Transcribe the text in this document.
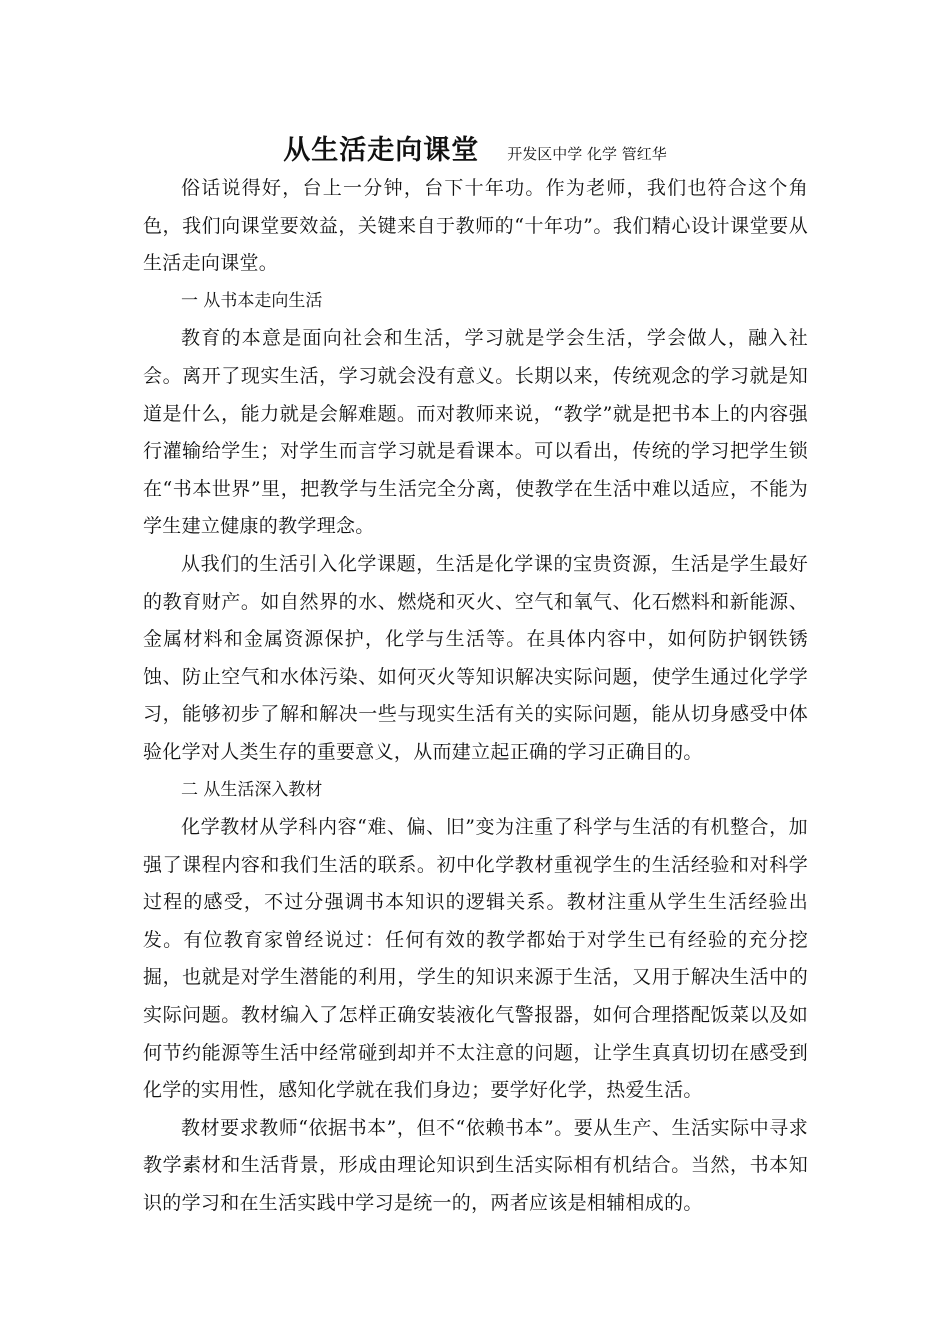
从生活走向课堂 开发区中学 化学 管红华

俗话说得好，台上一分钟，台下十年功。作为老师，我们也符合这个角色，我们向课堂要效益，关键来自于教师的“十年功”。我们精心设计课堂要从生活走向课堂。

一 从书本走向生活

教育的本意是面向社会和生活，学习就是学会生活，学会做人，融入社会。离开了现实生活，学习就会没有意义。长期以来，传统观念的学习就是知道是什么，能力就是会解难题。而对教师来说，“教学”就是把书本上的内容强行灌输给学生；对学生而言学习就是看课本。可以看出，传统的学习把学生锁在“书本世界”里，把教学与生活完全分离，使教学在生活中难以适应，不能为学生建立健康的教学理念。

从我们的生活引入化学课题，生活是化学课的宝贵资源，生活是学生最好的教育财产。如自然界的水、燃烧和灭火、空气和氧气、化石燃料和新能源、金属材料和金属资源保护，化学与生活等。在具体内容中，如何防护钢铁锈蚀、防止空气和水体污染、如何灭火等知识解决实际问题，使学生通过化学学习，能够初步了解和解决一些与现实生活有关的实际问题，能从切身感受中体验化学对人类生存的重要意义，从而建立起正确的学习正确目的。

二 从生活深入教材

化学教材从学科内容“难、偏、旧”变为注重了科学与生活的有机整合，加强了课程内容和我们生活的联系。初中化学教材重视学生的生活经验和对科学过程的感受，不过分强调书本知识的逻辑关系。教材注重从学生生活经验出发。有位教育家曾经说过：任何有效的教学都始于对学生已有经验的充分挖掘，也就是对学生潜能的利用，学生的知识来源于生活，又用于解决生活中的实际问题。教材编入了怎样正确安装液化气警报器，如何合理搭配饭菜以及如何节约能源等生活中经常碰到却并不太注意的问题，让学生真真切切在感受到化学的实用性，感知化学就在我们身边；要学好化学，热爱生活。

教材要求教师“依据书本”，但不“依赖书本”。要从生产、生活实际中寻求教学素材和生活背景，形成由理论知识到生活实际相有机结合。当然，书本知识的学习和在生活实践中学习是统一的，两者应该是相辅相成的。
